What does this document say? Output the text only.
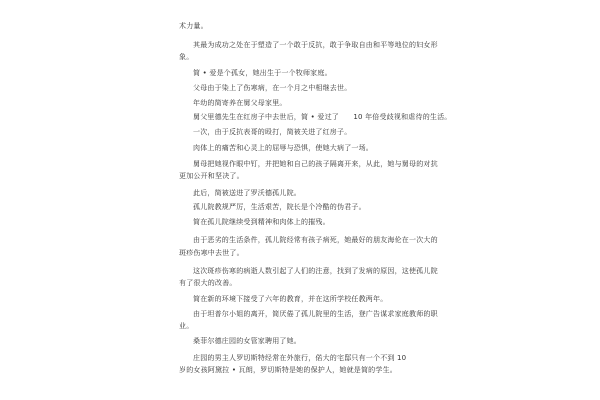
术力量。
其最为成功之处在于塑造了一个敢于反抗，敢于争取自由和平等地位的妇女形
象。
简 • 爱是个孤女，她出生于一个牧师家庭。
父母由于染上了伤寒病，在一个月之中相继去世。
年幼的简寄养在舅父母家里。
舅父里德先生在红房子中去世后，简 • 爱过了　　10 年倍受歧视和虐待的生活。
一次，由于反抗表哥的殴打，简被关进了红房子。
肉体上的痛苦和心灵上的屈辱与恐惧，使她大病了一场。
舅母把她视作眼中钉，并把她和自己的孩子隔离开来，从此，她与舅母的对抗
更加公开和坚决了。
此后，简被送进了罗沃德孤儿院。
孤儿院教规严厉，生活艰苦，院长是个冷酷的伪君子。
简在孤儿院继续受到精神和肉体上的摧残。
由于恶劣的生活条件，孤儿院经常有孩子病死，她最好的朋友海伦在一次大的
斑疹伤寒中去世了。
这次斑疹伤寒的病逝人数引起了人们的注意，找到了发病的原因，这使孤儿院
有了很大的改善。
简在新的环境下接受了六年的教育，并在这所学校任教两年。
由于坦普尔小姐的离开，简厌倦了孤儿院里的生活，登广告谋求家庭教师的职
业。
桑菲尔德庄园的女管家聘用了她。
庄园的男主人罗切斯特经常在外旅行，偌大的宅邸只有一个不到 10
岁的女孩阿黛拉 • 瓦朗，罗切斯特是她的保护人，她就是简的学生。
